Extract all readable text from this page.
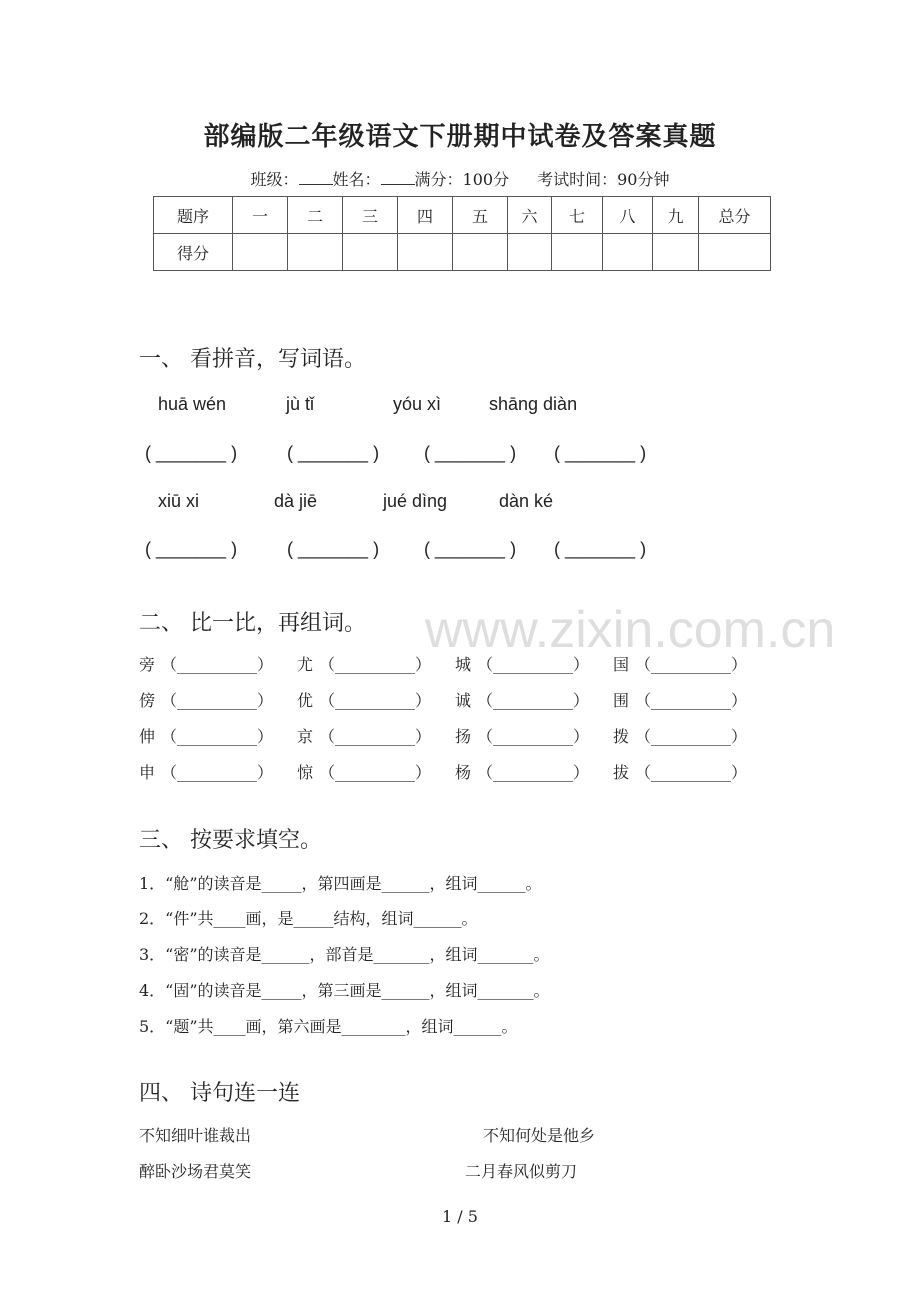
部编版二年级语文下册期中试卷及答案真题
班级： 姓名： 满分：100分 考试时间：90分钟
题序	一	二	三	四	五	六	七	八	九	总分
得分										
一、 看拼音，写词语。
huā wén	jù tǐ	yóu xì	shāng diàn
( _______ )	( _______ ) ( _______ ) ( _______ )
xiū xi	dà jiē	jué dìng	dàn ké
( _______ )	( _______ ) ( _______ ) ( _______ )
www.zixin.com.cn
二、 比一比，再组词。
旁 （__________） 尤 （__________） 城 （__________） 国 （__________）
傍 （__________） 优 （__________） 诚 （__________） 围 （__________）
伸 （__________） 京 （__________） 扬 （__________） 拨 （__________）
申 （__________） 惊 （__________） 杨 （__________） 拔 （__________）
三、 按要求填空。
1．“舱”的读音是_____，第四画是______，组词______。
2．“件”共____画，是_____结构，组词______。
3．“密”的读音是______，部首是_______，组词_______。
4．“固”的读音是_____，第三画是______，组词_______。
5．“题”共____画，第六画是________，组词______。
四、 诗句连一连
不知细叶谁裁出	不知何处是他乡
醉卧沙场君莫笑	二月春风似剪刀
1 / 5
